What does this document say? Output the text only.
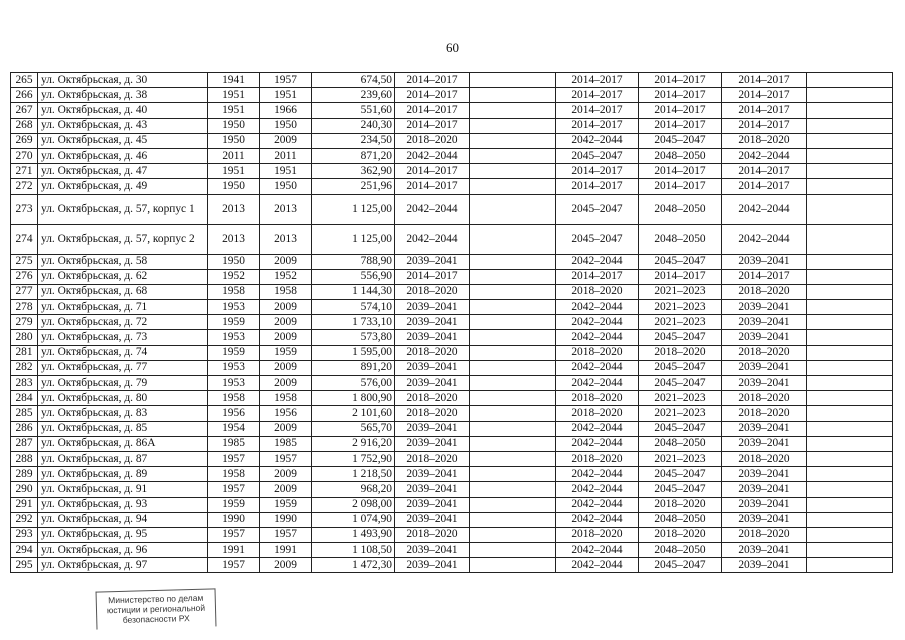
60
265	ул. Октябрьская, д. 30	1941	1957	674,50	2014–2017		2014–2017	2014–2017	2014–2017	
266	ул. Октябрьская, д. 38	1951	1951	239,60	2014–2017		2014–2017	2014–2017	2014–2017	
267	ул. Октябрьская, д. 40	1951	1966	551,60	2014–2017		2014–2017	2014–2017	2014–2017	
268	ул. Октябрьская, д. 43	1950	1950	240,30	2014–2017		2014–2017	2014–2017	2014–2017	
269	ул. Октябрьская, д. 45	1950	2009	234,50	2018–2020		2042–2044	2045–2047	2018–2020	
270	ул. Октябрьская, д. 46	2011	2011	871,20	2042–2044		2045–2047	2048–2050	2042–2044	
271	ул. Октябрьская, д. 47	1951	1951	362,90	2014–2017		2014–2017	2014–2017	2014–2017	
272	ул. Октябрьская, д. 49	1950	1950	251,96	2014–2017		2014–2017	2014–2017	2014–2017	
273	ул. Октябрьская, д. 57, корпус 1	2013	2013	1 125,00	2042–2044		2045–2047	2048–2050	2042–2044	
274	ул. Октябрьская, д. 57, корпус 2	2013	2013	1 125,00	2042–2044		2045–2047	2048–2050	2042–2044	
275	ул. Октябрьская, д. 58	1950	2009	788,90	2039–2041		2042–2044	2045–2047	2039–2041	
276	ул. Октябрьская, д. 62	1952	1952	556,90	2014–2017		2014–2017	2014–2017	2014–2017	
277	ул. Октябрьская, д. 68	1958	1958	1 144,30	2018–2020		2018–2020	2021–2023	2018–2020	
278	ул. Октябрьская, д. 71	1953	2009	574,10	2039–2041		2042–2044	2021–2023	2039–2041	
279	ул. Октябрьская, д. 72	1959	2009	1 733,10	2039–2041		2042–2044	2021–2023	2039–2041	
280	ул. Октябрьская, д. 73	1953	2009	573,80	2039–2041		2042–2044	2045–2047	2039–2041	
281	ул. Октябрьская, д. 74	1959	1959	1 595,00	2018–2020		2018–2020	2018–2020	2018–2020	
282	ул. Октябрьская, д. 77	1953	2009	891,20	2039–2041		2042–2044	2045–2047	2039–2041	
283	ул. Октябрьская, д. 79	1953	2009	576,00	2039–2041		2042–2044	2045–2047	2039–2041	
284	ул. Октябрьская, д. 80	1958	1958	1 800,90	2018–2020		2018–2020	2021–2023	2018–2020	
285	ул. Октябрьская, д. 83	1956	1956	2 101,60	2018–2020		2018–2020	2021–2023	2018–2020	
286	ул. Октябрьская, д. 85	1954	2009	565,70	2039–2041		2042–2044	2045–2047	2039–2041	
287	ул. Октябрьская, д. 86А	1985	1985	2 916,20	2039–2041		2042–2044	2048–2050	2039–2041	
288	ул. Октябрьская, д. 87	1957	1957	1 752,90	2018–2020		2018–2020	2021–2023	2018–2020	
289	ул. Октябрьская, д. 89	1958	2009	1 218,50	2039–2041		2042–2044	2045–2047	2039–2041	
290	ул. Октябрьская, д. 91	1957	2009	968,20	2039–2041		2042–2044	2045–2047	2039–2041	
291	ул. Октябрьская, д. 93	1959	1959	2 098,00	2039–2041		2042–2044	2018–2020	2039–2041	
292	ул. Октябрьская, д. 94	1990	1990	1 074,90	2039–2041		2042–2044	2048–2050	2039–2041	
293	ул. Октябрьская, д. 95	1957	1957	1 493,90	2018–2020		2018–2020	2018–2020	2018–2020	
294	ул. Октябрьская, д. 96	1991	1991	1 108,50	2039–2041		2042–2044	2048–2050	2039–2041	
295	ул. Октябрьская, д. 97	1957	2009	1 472,30	2039–2041		2042–2044	2045–2047	2039–2041	
Министерство по делам
юстиции и региональной
безопасности РХ
